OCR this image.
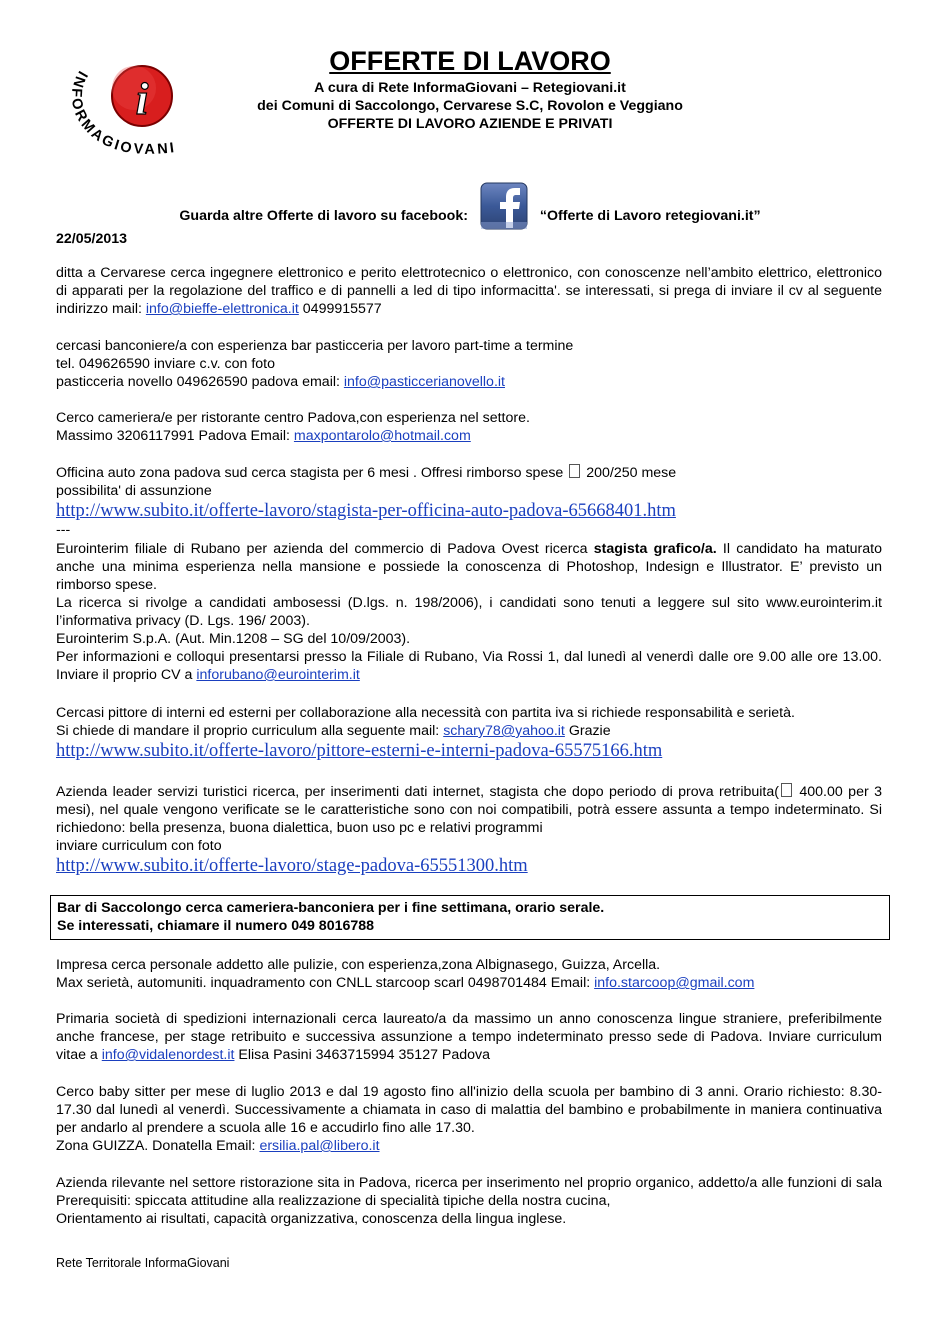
i
INFORMAGIOVANI
OFFERTE DI LAVORO
A cura di Rete InformaGiovani – Retegiovani.it
dei Comuni di Saccolongo, Cervarese S.C, Rovolon e Veggiano
OFFERTE DI LAVORO AZIENDE E PRIVATI
Guarda altre Offerte di lavoro su facebook:	“Offerte di Lavoro retegiovani.it”
22/05/2013
ditta a Cervarese cerca ingegnere elettronico e perito elettrotecnico o elettronico, con conoscenze nell’ambito elettrico, elettronico di apparati per la regolazione del traffico e di pannelli a led di tipo informacitta'. se interessati, si prega di inviare il cv al seguente indirizzo mail: info@bieffe-elettronica.it 0499915577
cercasi banconiere/a con esperienza bar pasticceria per lavoro part-time a termine
tel. 049626590 inviare c.v. con foto
pasticceria novello 049626590 padova email: info@pasticcerianovello.it
Cerco cameriera/e per ristorante centro Padova,con esperienza nel settore.
Massimo 3206117991 Padova Email: maxpontarolo@hotmail.com
Officina auto zona padova sud cerca stagista per 6 mesi . Offresi rimborso spese  200/250 mese
possibilita' di assunzione
http://www.subito.it/offerte-lavoro/stagista-per-officina-auto-padova-65668401.htm
---
Eurointerim filiale di Rubano per azienda del commercio di Padova Ovest ricerca stagista grafico/a. Il candidato ha maturato anche una minima esperienza nella mansione e possiede la conoscenza di Photoshop, Indesign e Illustrator. E’ previsto un rimborso spese.
La ricerca si rivolge a candidati ambosessi (D.lgs. n. 198/2006), i candidati sono tenuti a leggere sul sito www.eurointerim.it l’informativa privacy (D. Lgs. 196/ 2003).
Eurointerim S.p.A. (Aut. Min.1208 – SG del 10/09/2003).
Per informazioni e colloqui presentarsi presso la Filiale di Rubano, Via Rossi 1, dal lunedì al venerdì dalle ore 9.00 alle ore 13.00. Inviare il proprio CV a inforubano@eurointerim.it
Cercasi pittore di interni ed esterni per collaborazione alla necessità con partita iva si richiede responsabilità e serietà.
Si chiede di mandare il proprio curriculum alla seguente mail: schary78@yahoo.it Grazie
http://www.subito.it/offerte-lavoro/pittore-esterni-e-interni-padova-65575166.htm
Azienda leader servizi turistici ricerca, per inserimenti dati internet, stagista che dopo periodo di prova retribuita( 400.00 per 3 mesi), nel quale vengono verificate se le caratteristiche sono con noi compatibili, potrà essere assunta a tempo indeterminato. Si richiedono: bella presenza, buona dialettica, buon uso pc e relativi programmi
inviare curriculum con foto
http://www.subito.it/offerte-lavoro/stage-padova-65551300.htm
Bar di Saccolongo cerca cameriera-banconiera per i fine settimana, orario serale.
Se interessati, chiamare il numero 049 8016788
Impresa cerca personale addetto alle pulizie, con esperienza,zona Albignasego, Guizza, Arcella.
Max serietà, automuniti. inquadramento con CNLL starcoop scarl 0498701484 Email: info.starcoop@gmail.com
Primaria società di spedizioni internazionali cerca laureato/a da massimo un anno conoscenza lingue straniere, preferibilmente anche francese, per stage retribuito e successiva assunzione a tempo indeterminato presso sede di Padova. Inviare curriculum vitae a info@vidalenordest.it Elisa Pasini 3463715994 35127 Padova
Cerco baby sitter per mese di luglio 2013 e dal 19 agosto fino all'inizio della scuola per bambino di 3 anni. Orario richiesto: 8.30-17.30 dal lunedì al venerdì. Successivamente a chiamata in caso di malattia del bambino e probabilmente in maniera continuativa per andarlo al prendere a scuola alle 16 e accudirlo fino alle 17.30.
Zona GUIZZA. Donatella Email: ersilia.pal@libero.it
Azienda rilevante nel settore ristorazione sita in Padova, ricerca per inserimento nel proprio organico, addetto/a alle funzioni di sala Prerequisiti: spiccata attitudine alla realizzazione di specialità tipiche della nostra cucina,
Orientamento ai risultati, capacità organizzativa, conoscenza della lingua inglese.
Rete Territorale InformaGiovani
